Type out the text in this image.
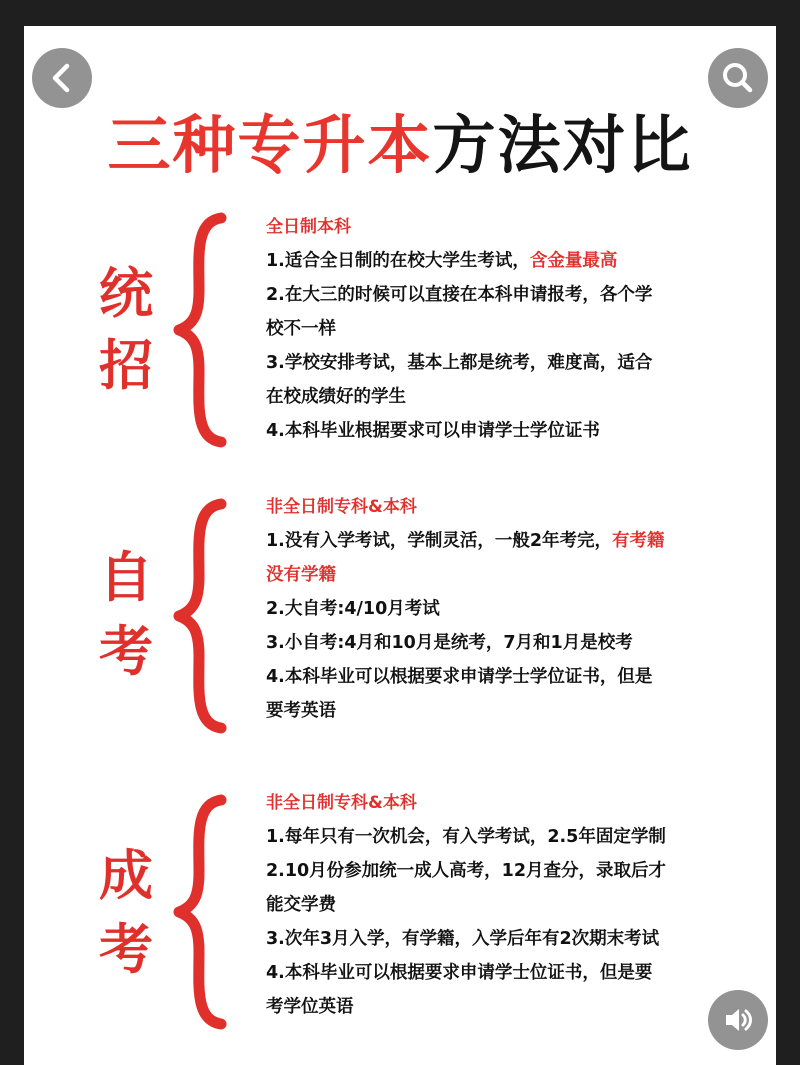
三种专升本方法对比
统
招
全日制本科
1.适合全日制的在校大学生考试，含金量最高
2.在大三的时候可以直接在本科申请报考，各个学
校不一样
3.学校安排考试，基本上都是统考，难度高，适合
在校成绩好的学生
4.本科毕业根据要求可以申请学士学位证书
自
考
非全日制专科&本科
1.没有入学考试，学制灵活，一般2年考完，有考籍
没有学籍
2.大自考:4/10月考试
3.小自考:4月和10月是统考，7月和1月是校考
4.本科毕业可以根据要求申请学士学位证书，但是
要考英语
成
考
非全日制专科&本科
1.每年只有一次机会，有入学考试，2.5年固定学制
2.10月份参加统一成人高考，12月查分，录取后才
能交学费
3.次年3月入学，有学籍，入学后年有2次期末考试
4.本科毕业可以根据要求申请学士位证书，但是要
考学位英语
